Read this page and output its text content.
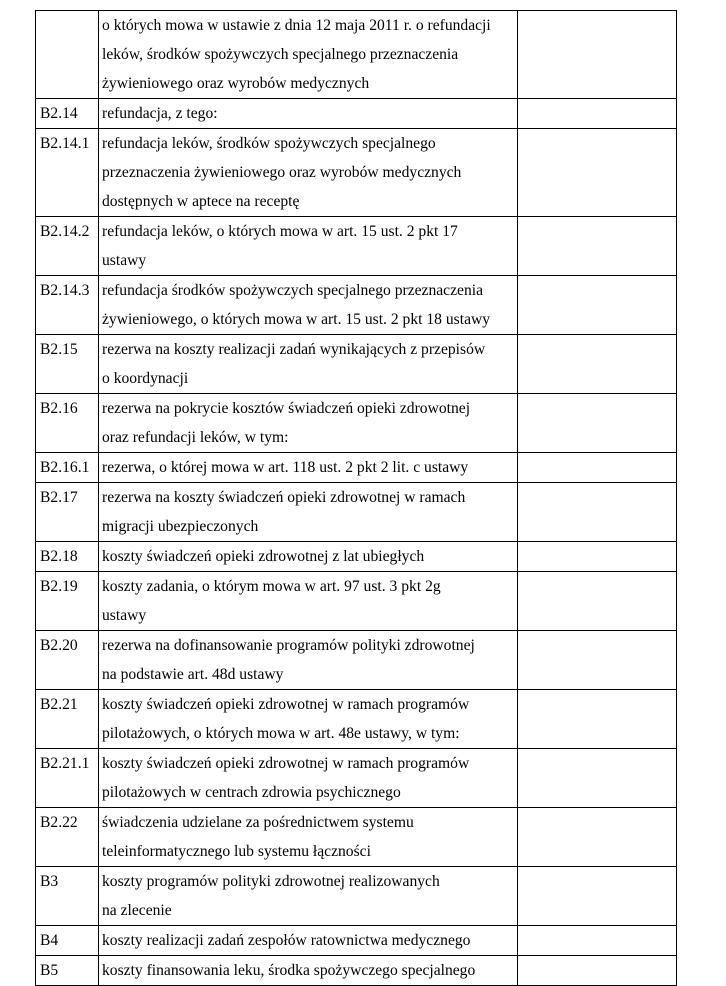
	o których mowa w ustawie z dnia 12 maja 2011 r. o refundacji
leków, środków spożywczych specjalnego przeznaczenia
żywieniowego oraz wyrobów medycznych	
B2.14	refundacja, z tego:	
B2.14.1	refundacja leków, środków spożywczych specjalnego
przeznaczenia żywieniowego oraz wyrobów medycznych
dostępnych w aptece na receptę	
B2.14.2	refundacja leków, o których mowa w art. 15 ust. 2 pkt 17
ustawy	
B2.14.3	refundacja środków spożywczych specjalnego przeznaczenia
żywieniowego, o których mowa w art. 15 ust. 2 pkt 18 ustawy	
B2.15	rezerwa na koszty realizacji zadań wynikających z przepisów
o koordynacji	
B2.16	rezerwa na pokrycie kosztów świadczeń opieki zdrowotnej
oraz refundacji leków, w tym:	
B2.16.1	rezerwa, o której mowa w art. 118 ust. 2 pkt 2 lit. c ustawy	
B2.17	rezerwa na koszty świadczeń opieki zdrowotnej w ramach
migracji ubezpieczonych	
B2.18	koszty świadczeń opieki zdrowotnej z lat ubiegłych	
B2.19	koszty zadania, o którym mowa w art. 97 ust. 3 pkt 2g
ustawy	
B2.20	rezerwa na dofinansowanie programów polityki zdrowotnej
na podstawie art. 48d ustawy	
B2.21	koszty świadczeń opieki zdrowotnej w ramach programów
pilotażowych, o których mowa w art. 48e ustawy, w tym:	
B2.21.1	koszty świadczeń opieki zdrowotnej w ramach programów
pilotażowych w centrach zdrowia psychicznego	
B2.22	świadczenia udzielane za pośrednictwem systemu
teleinformatycznego lub systemu łączności	
B3	koszty programów polityki zdrowotnej realizowanych
na zlecenie	
B4	koszty realizacji zadań zespołów ratownictwa medycznego	
B5	koszty finansowania leku, środka spożywczego specjalnego	
